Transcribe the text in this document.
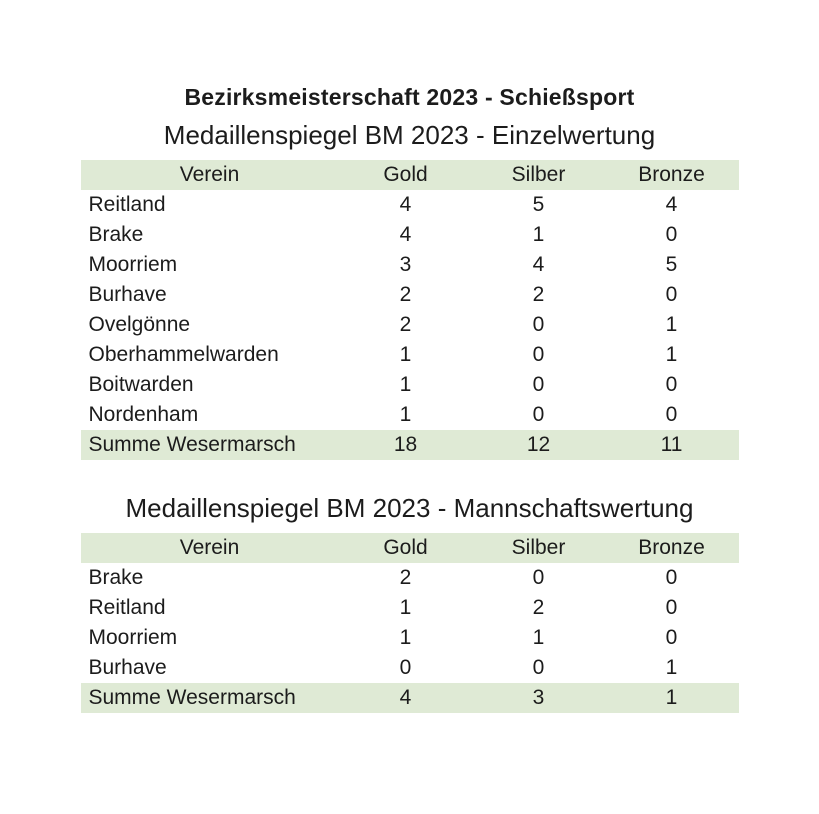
Bezirksmeisterschaft 2023 - Schießsport
Medaillenspiegel BM 2023 - Einzelwertung
Verein	Gold	Silber	Bronze
Reitland	4	5	4
Brake	4	1	0
Moorriem	3	4	5
Burhave	2	2	0
Ovelgönne	2	0	1
Oberhammelwarden	1	0	1
Boitwarden	1	0	0
Nordenham	1	0	0
Summe Wesermarsch	18	12	11
Medaillenspiegel BM 2023 - Mannschaftswertung
Verein	Gold	Silber	Bronze
Brake	2	0	0
Reitland	1	2	0
Moorriem	1	1	0
Burhave	0	0	1
Summe Wesermarsch	4	3	1
